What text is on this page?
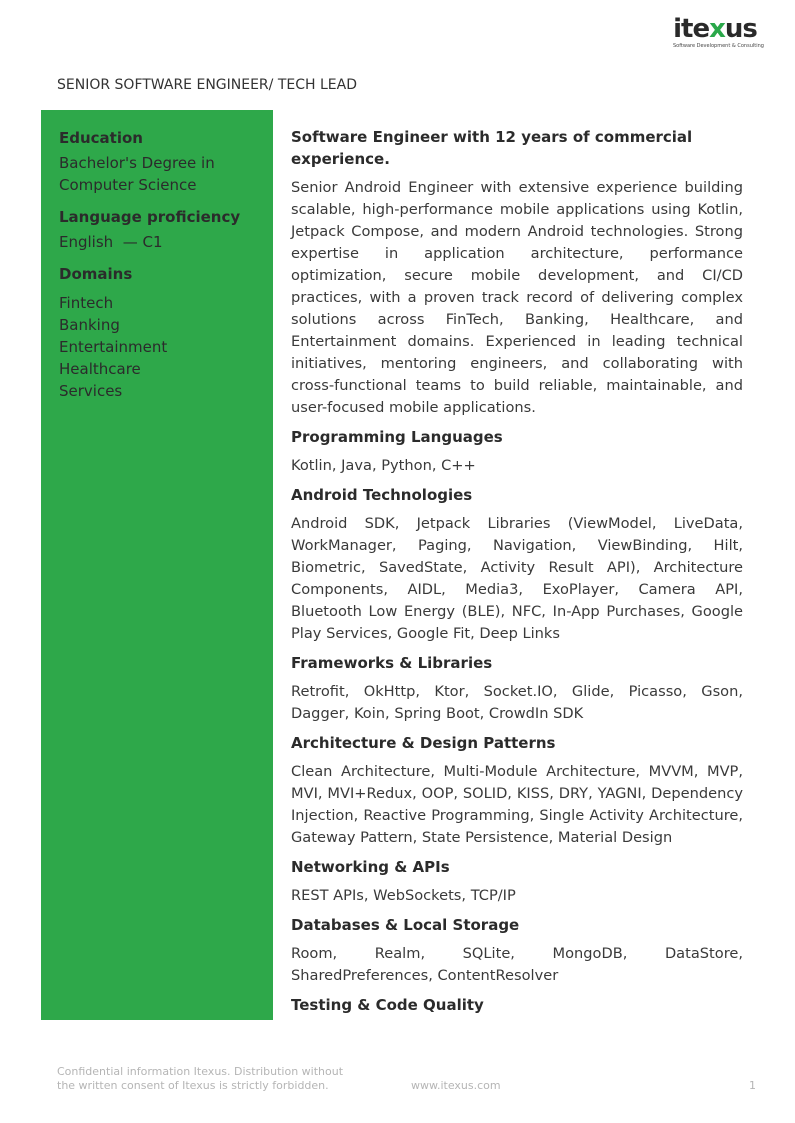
itexus
Software Development & Consulting
SENIOR SOFTWARE ENGINEER/ TECH LEAD
Education
Bachelor's Degree in
Computer Science
Language proficiency
English  — C1
Domains
Fintech
Banking
Entertainment
Healthcare
Services
Software Engineer with 12 years of commercial experience.
Senior Android Engineer with extensive experience building scalable, high-performance mobile applications using Kotlin, Jetpack Compose, and modern Android technologies. Strong expertise in application architecture, performance optimization, secure mobile development, and CI/CD practices, with a proven track record of delivering complex solutions across FinTech, Banking, Healthcare, and Entertainment domains. Experienced in leading technical initiatives, mentoring engineers, and collaborating with cross-functional teams to build reliable, maintainable, and user-focused mobile applications.
Programming Languages
Kotlin, Java, Python, C++
Android Technologies
Android SDK, Jetpack Libraries (ViewModel, LiveData, WorkManager, Paging, Navigation, ViewBinding, Hilt, Biometric, SavedState, Activity Result API), Architecture Components, AIDL, Media3, ExoPlayer, Camera API, Bluetooth Low Energy (BLE), NFC, In-App Purchases, Google Play Services, Google Fit, Deep Links
Frameworks & Libraries
Retrofit, OkHttp, Ktor, Socket.IO, Glide, Picasso, Gson, Dagger, Koin, Spring Boot, CrowdIn SDK
Architecture & Design Patterns
Clean Architecture, Multi-Module Architecture, MVVM, MVP, MVI, MVI+Redux, OOP, SOLID, KISS, DRY, YAGNI, Dependency Injection, Reactive Programming, Single Activity Architecture, Gateway Pattern, State Persistence, Material Design
Networking & APIs
REST APIs, WebSockets, TCP/IP
Databases & Local Storage
Room, Realm, SQLite, MongoDB, DataStore, SharedPreferences, ContentResolver
Testing & Code Quality
Confidential information Itexus. Distribution without
the written consent of Itexus is strictly forbidden.	www.itexus.com	1
